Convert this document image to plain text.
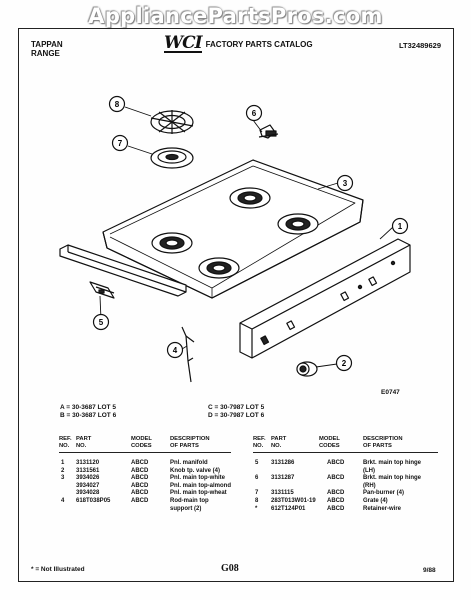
AppliancePartsPros.com
TAPPAN
RANGE
WCI FACTORY PARTS CATALOG	LT32489629
8
7
6
3
1
2
4
5
E0747
A = 30-3687 LOT 5
B = 30-3687 LOT 6
C = 30-7987 LOT 5
D = 30-7987 LOT 6
REF.
NO.
PART
NO.
MODEL
CODES
DESCRIPTION
OF PARTS
1 3131120	ABCD	Pnl. manifold
2 3131561	ABCD	Knob tp. valve (4)
3 3934026	ABCD	Pnl. main top-white
3934027	ABCD	Pnl. main top-almond
3934028	ABCD	Pnl. main top-wheat
4 618T038P05	ABCD	Rod-main top
support (2)
REF.
NO.
PART
NO.
MODEL
CODES
DESCRIPTION
OF PARTS
5 3131286	ABCD	Brkt. main top hinge
(LH)
6 3131287	ABCD	Brkt. main top hinge
(RH)
7 3131115	ABCD	Pan-burner (4)
8 283T013W01-19 ABCD	Grate (4)
* 612T124P01	ABCD	Retainer-wire
* = Not Illustrated	G08	9/88
